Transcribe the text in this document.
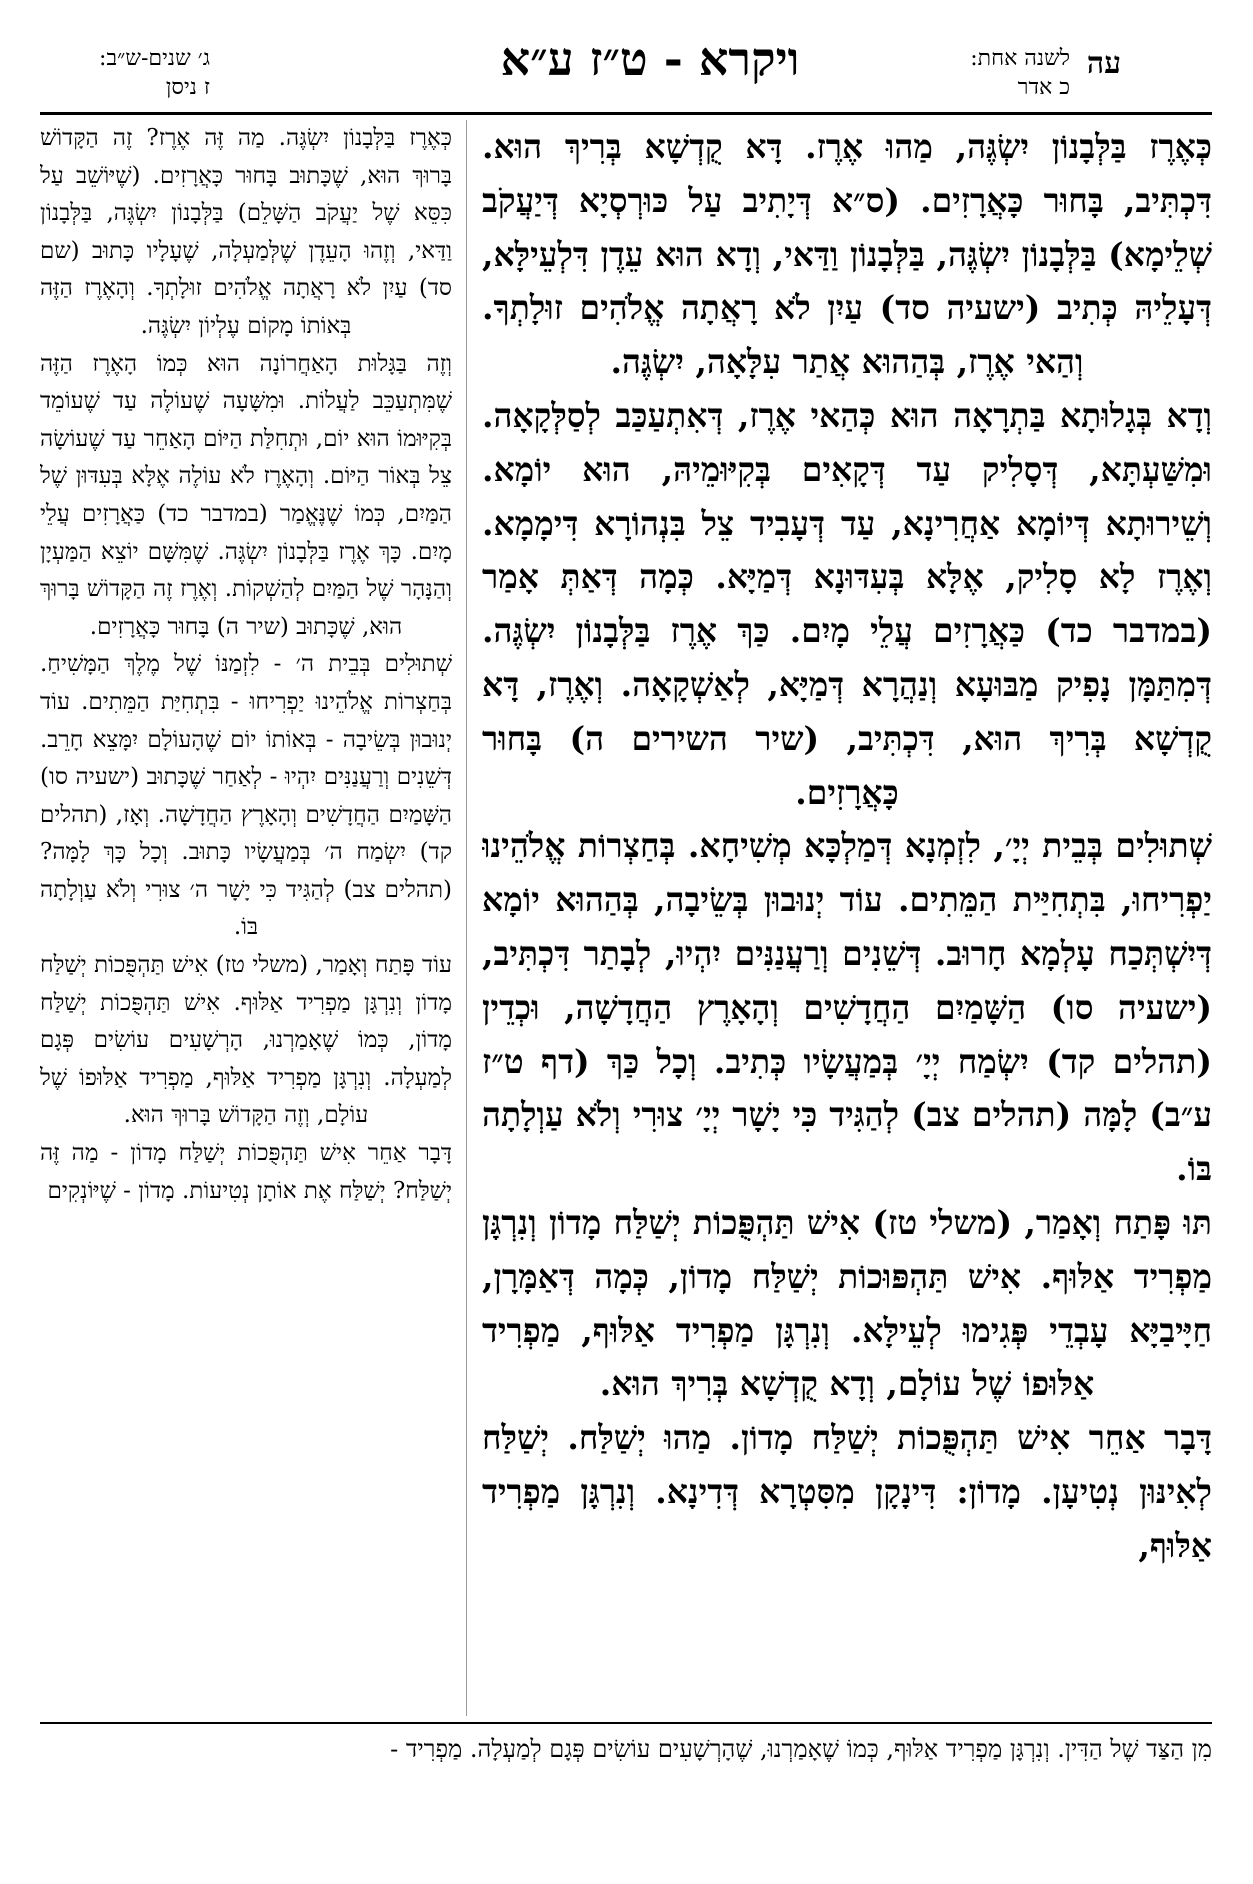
ג׳ שנים-ש״ב:
ז ניסן
ויקרא - ט״ז ע״א	לשנה אחת:
כ אדר
עה

כְּאֶרֶז בַּלְּבָנוֹן יִשְׂגֶּה, מַהוּ אֶרֶז. דָּא קֻדְשָׁא בְּרִיךְ הוּא. דִּכְתִּיב, בָּחוּר כָּאֲרָזִים. (ס״א דְּיָתִיב עַל כּוּרְסְיָא דְּיַעֲקֹב שְׁלֵימָא) בַּלְּבָנוֹן יִשְׂגֶּה, בַּלְּבָנוֹן וַדַּאי, וְדָא הוּא עֵדֶן דִּלְעֵילָּא, דְּעָלֵיהּ כְּתִיב (ישעיה סד) עַיִן לֹא רָאֲתָה אֱלֹהִים זוּלָתְךָ. וְהַאי אֶרֶז, בְּהַהוּא אֲתַר עִלָּאָה, יִשְׂגֶּה.

וְדָא בְּגָלוּתָא בַּתְרָאָה הוּא כְּהַאי אֶרֶז, דְּאִתְעַכַּב לְסַלְּקָאָה. וּמִשַּׁעְתָּא, דְּסָלִיק עַד דְּקָאִים בְּקִיּוּמֵיהּ, הוּא יוֹמָא. וְשֵׁירוּתָא דְּיוֹמָא אַחֲרִינָא, עַד דְּעָבִיד צֵל בִּנְהוֹרָא דִּימָמָא. וְאֶרֶז לָא סָלִיק, אֶלָּא בְּעִדּוּנָא דְּמַיָּא. כְּמָה דְּאַתְּ אָמַר (במדבר כד) כַּאֲרָזִים עֲלֵי מָיִם. כַּךְ אֶרֶז בַּלְּבָנוֹן יִשְׂגֶּה. דְּמִתַּמָּן נָפִיק מַבּוּעָא וְנַהֲרָא דְּמַיָּא, לְאַשְׁקָאָה. וְאֶרֶז, דָּא קֻדְשָׁא בְּרִיךְ הוּא, דִּכְתִּיב, (שיר השירים ה) בָּחוּר כָּאֲרָזִים.

שְׁתוּלִים בְּבֵית יְיָ׳, לִזְמְנָא דְּמַלְכָּא מְשִׁיחָא. בְּחַצְרוֹת אֱלֹהֵינוּ יַפְרִיחוּ, בִּתְחִיַּית הַמֵּתִים. עוֹד יְנוּבוּן בְּשֵׂיבָה, בְּהַהוּא יוֹמָא דְּיִשְׁתְּכַח עָלְמָא חָרוּב. דְּשֵׁנִים וְרַעֲנַנִּים יִהְיוּ, לְבָתַר דִּכְתִּיב, (ישעיה סו) הַשָּׁמַיִם הַחֲדָשִׁים וְהָאָרֶץ הַחֲדָשָׁה, וּכְדֵין (תהלים קד) יִשְׂמַח יְיָ׳ בְּמַעֲשָׂיו כְּתִיב. וְכָל כַּךְ (דף ט״ז ע״ב) לָמָּה (תהלים צב) לְהַגִּיד כִּי יָשָׁר יְיָ׳ צוּרִי וְלֹא עַוְלָתָה בּוֹ.

תּוּ פָּתַח וְאָמַר, (משלי טז) אִישׁ תַּהְפֻּכוֹת יְשַׁלַּח מָדוֹן וְנִרְגָּן מַפְרִיד אַלּוּף. אִישׁ תַּהְפּוּכוֹת יְשַׁלַּח מָדוֹן, כְּמָה דְּאַמָּרָן, חַיָּיבַיָּא עָבְדֵי פְּגִימוּ לְעֵילָּא. וְנִרְגָּן מַפְרִיד אַלּוּף, מַפְרִיד אַלּוּפוֹ שֶׁל עוֹלָם, וְדָא קֻדְשָׁא בְּרִיךְ הוּא.

דָּבָר אַחֵר אִישׁ תַּהְפֻּכוֹת יְשַׁלַּח מָדוֹן. מַהוּ יְשַׁלַּח. יְשַׁלַּח לְאִינּוּן נְטִיעָן. מָדוֹן: דִּינָקָן מִסִּטְרָא דְּדִינָא. וְנִרְגָּן מַפְרִיד אַלּוּף,

כְּאֶרֶז בַּלְּבָנוֹן יִשְׂגֶּה. מַה זֶּה אֶרֶז? זֶה הַקָּדוֹשׁ בָּרוּךְ הוּא, שֶׁכָּתוּב בָּחוּר כָּאֲרָזִים. (שֶׁיּוֹשֵׁב עַל כִּסֵּא שֶׁל יַעֲקֹב הַשָּׁלֵם) בַּלְּבָנוֹן יִשְׂגֶּה, בַּלְּבָנוֹן וַדַּאי, וְזֶהוּ הָעֵדֶן שֶׁלְּמַעְלָה, שֶׁעָלָיו כָּתוּב (שם סד) עַיִן לֹא רָאֲתָה אֱלֹהִים זוּלָתְךָ. וְהָאֶרֶז הַזֶּה בְּאוֹתוֹ מָקוֹם עֶלְיוֹן יִשְׂגֶּה.

וְזֶה בַּגָּלוּת הָאַחֲרוֹנָה הוּא כְּמוֹ הָאֶרֶז הַזֶּה שֶׁמִּתְעַכֵּב לַעֲלוֹת. וּמִשָּׁעָה שֶׁעוֹלֶה עַד שֶׁעוֹמֵד בְּקִיּוּמוֹ הוּא יוֹם, וּתְחִלַּת הַיּוֹם הָאַחֵר עַד שֶׁעוֹשָׂה צֵל בְּאוֹר הַיּוֹם. וְהָאֶרֶז לֹא עוֹלֶה אֶלָּא בְּעִדּוּן שֶׁל הַמַּיִם, כְּמוֹ שֶׁנֶּאֱמַר (במדבר כד) כַּאֲרָזִים עֲלֵי מָיִם. כָּךְ אֶרֶז בַּלְּבָנוֹן יִשְׂגֶּה. שֶׁמִּשָּׁם יוֹצֵא הַמַּעְיָן וְהַנָּהָר שֶׁל הַמַּיִם לְהַשְׁקוֹת. וְאֶרֶז זֶה הַקָּדוֹשׁ בָּרוּךְ הוּא, שֶׁכָּתוּב (שיר ה) בָּחוּר כָּאֲרָזִים.

שְׁתוּלִים בְּבֵית ה׳ - לִזְמַנּוֹ שֶׁל מֶלֶךְ הַמָּשִׁיחַ. בְּחַצְרוֹת אֱלֹהֵינוּ יַפְרִיחוּ - בִּתְחִיַּת הַמֵּתִים. עוֹד יְנוּבוּן בְּשֵׂיבָה - בְּאוֹתוֹ יוֹם שֶׁהָעוֹלָם יִמָּצֵא חָרֵב. דְּשֵׁנִים וְרַעֲנַנִּים יִהְיוּ - לְאַחַר שֶׁכָּתוּב (ישעיה סו) הַשָּׁמַיִם הַחֲדָשִׁים וְהָאָרֶץ הַחֲדָשָׁה. וְאָז, (תהלים קד) יִשְׂמַח ה׳ בְּמַעֲשָׂיו כָּתוּב. וְכָל כָּךְ לָמָּה? (תהלים צב) לְהַגִּיד כִּי יָשָׁר ה׳ צוּרִי וְלֹא עַוְלָתָה בּוֹ.

עוֹד פָּתַח וְאָמַר, (משלי טז) אִישׁ תַּהְפֻּכוֹת יְשַׁלַּח מָדוֹן וְנִרְגָּן מַפְרִיד אַלּוּף. אִישׁ תַּהְפֻּכוֹת יְשַׁלַּח מָדוֹן, כְּמוֹ שֶׁאָמַרְנוּ, הָרְשָׁעִים עוֹשִׂים פְּגָם לְמַעְלָה. וְנִרְגָּן מַפְרִיד אַלּוּף, מַפְרִיד אַלּוּפוֹ שֶׁל עוֹלָם, וְזֶה הַקָּדוֹשׁ בָּרוּךְ הוּא.

דָּבָר אַחֵר אִישׁ תַּהְפֻּכוֹת יְשַׁלַּח מָדוֹן - מַה זֶּה יְשַׁלַּח? יְשַׁלַּח אֶת אוֹתָן נְטִיעוֹת. מָדוֹן - שֶׁיּוֹנְקִים

מִן הַצַּד שֶׁל הַדִּין. וְנִרְגָּן מַפְרִיד אַלּוּף, כְּמוֹ שֶׁאָמַרְנוּ, שֶׁהָרְשָׁעִים עוֹשִׂים פְּגָם לְמַעְלָה. מַפְרִיד -
